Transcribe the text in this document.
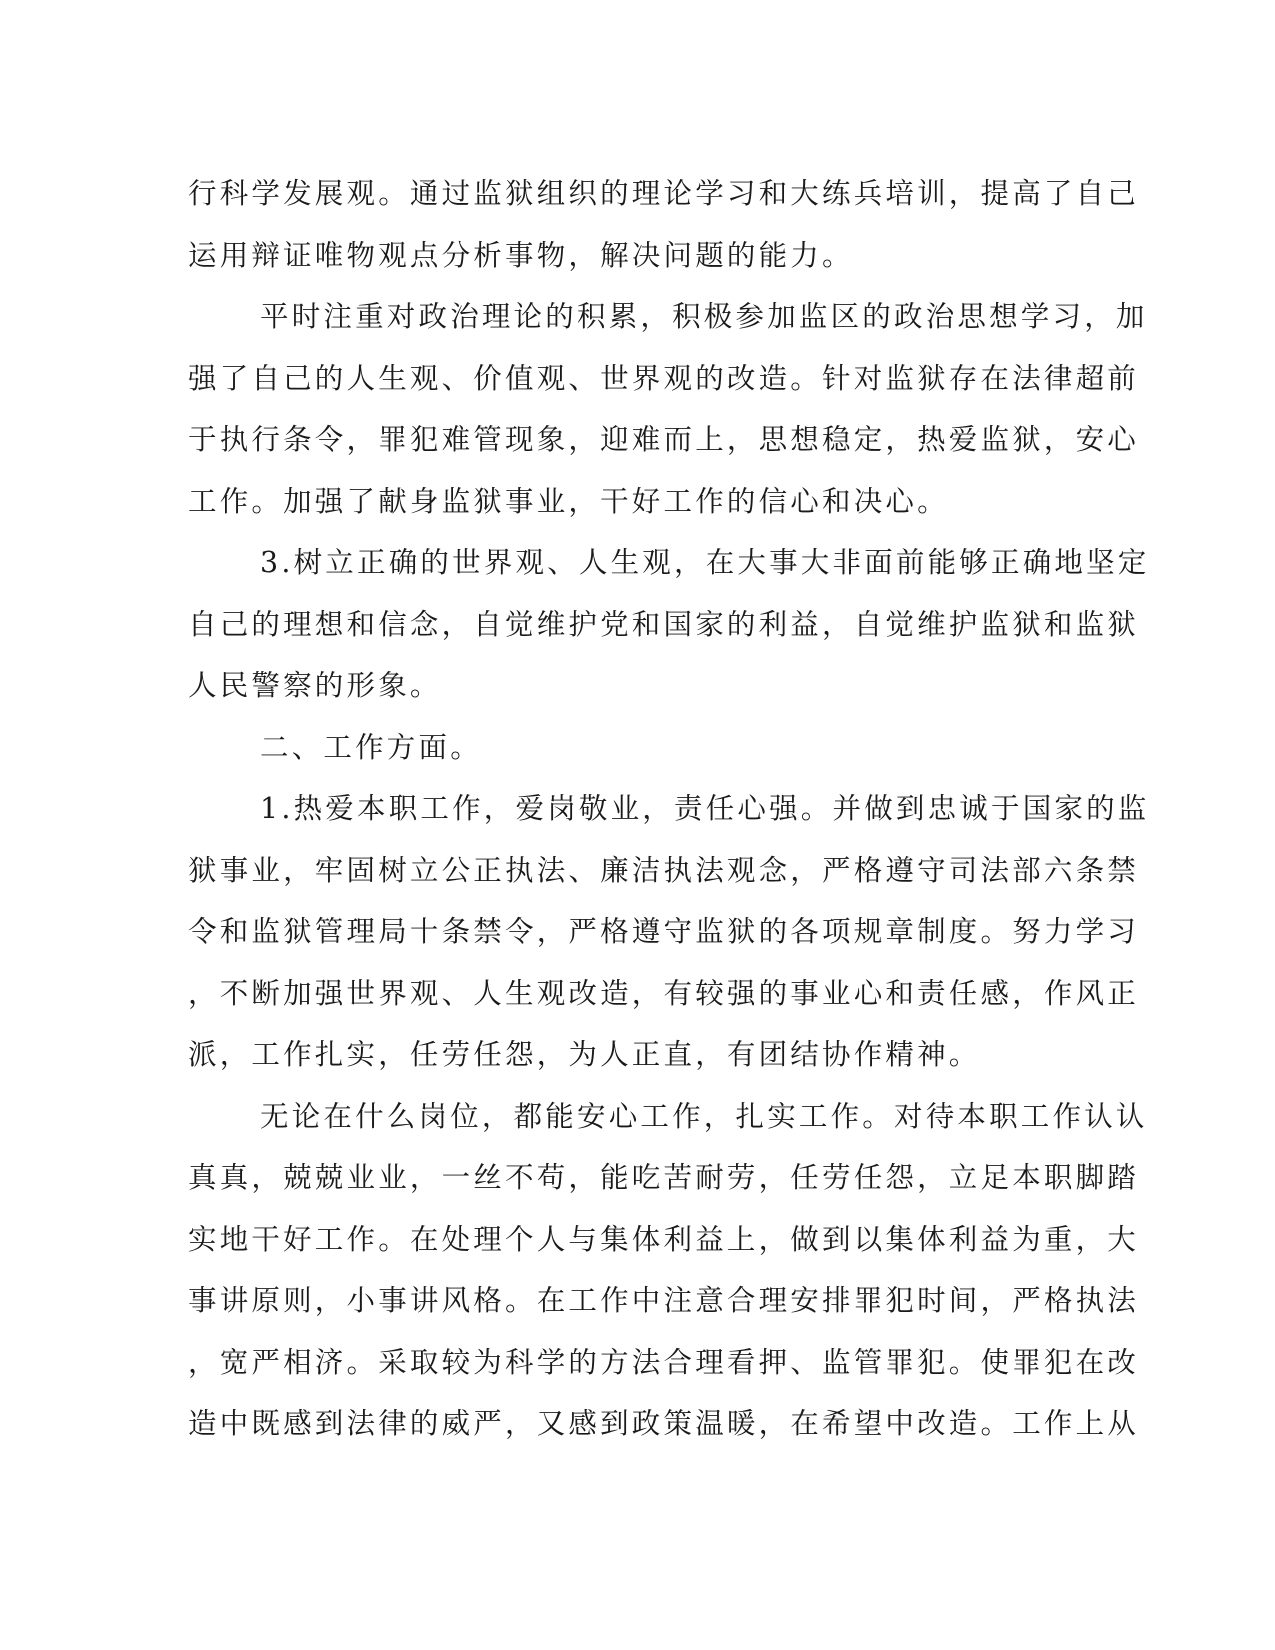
行科学发展观。通过监狱组织的理论学习和大练兵培训，提高了自己
运用辩证唯物观点分析事物，解决问题的能力。
平时注重对政治理论的积累，积极参加监区的政治思想学习，加
强了自己的人生观、价值观、世界观的改造。针对监狱存在法律超前
于执行条令，罪犯难管现象，迎难而上，思想稳定，热爱监狱，安心
工作。加强了献身监狱事业，干好工作的信心和决心。
3.树立正确的世界观、人生观，在大事大非面前能够正确地坚定
自己的理想和信念，自觉维护党和国家的利益，自觉维护监狱和监狱
人民警察的形象。
二、工作方面。
1.热爱本职工作，爱岗敬业，责任心强。并做到忠诚于国家的监
狱事业，牢固树立公正执法、廉洁执法观念，严格遵守司法部六条禁
令和监狱管理局十条禁令，严格遵守监狱的各项规章制度。努力学习
，不断加强世界观、人生观改造，有较强的事业心和责任感，作风正
派，工作扎实，任劳任怨，为人正直，有团结协作精神。
无论在什么岗位，都能安心工作，扎实工作。对待本职工作认认
真真，兢兢业业，一丝不苟，能吃苦耐劳，任劳任怨，立足本职脚踏
实地干好工作。在处理个人与集体利益上，做到以集体利益为重，大
事讲原则，小事讲风格。在工作中注意合理安排罪犯时间，严格执法
，宽严相济。采取较为科学的方法合理看押、监管罪犯。使罪犯在改
造中既感到法律的威严，又感到政策温暖，在希望中改造。工作上从
